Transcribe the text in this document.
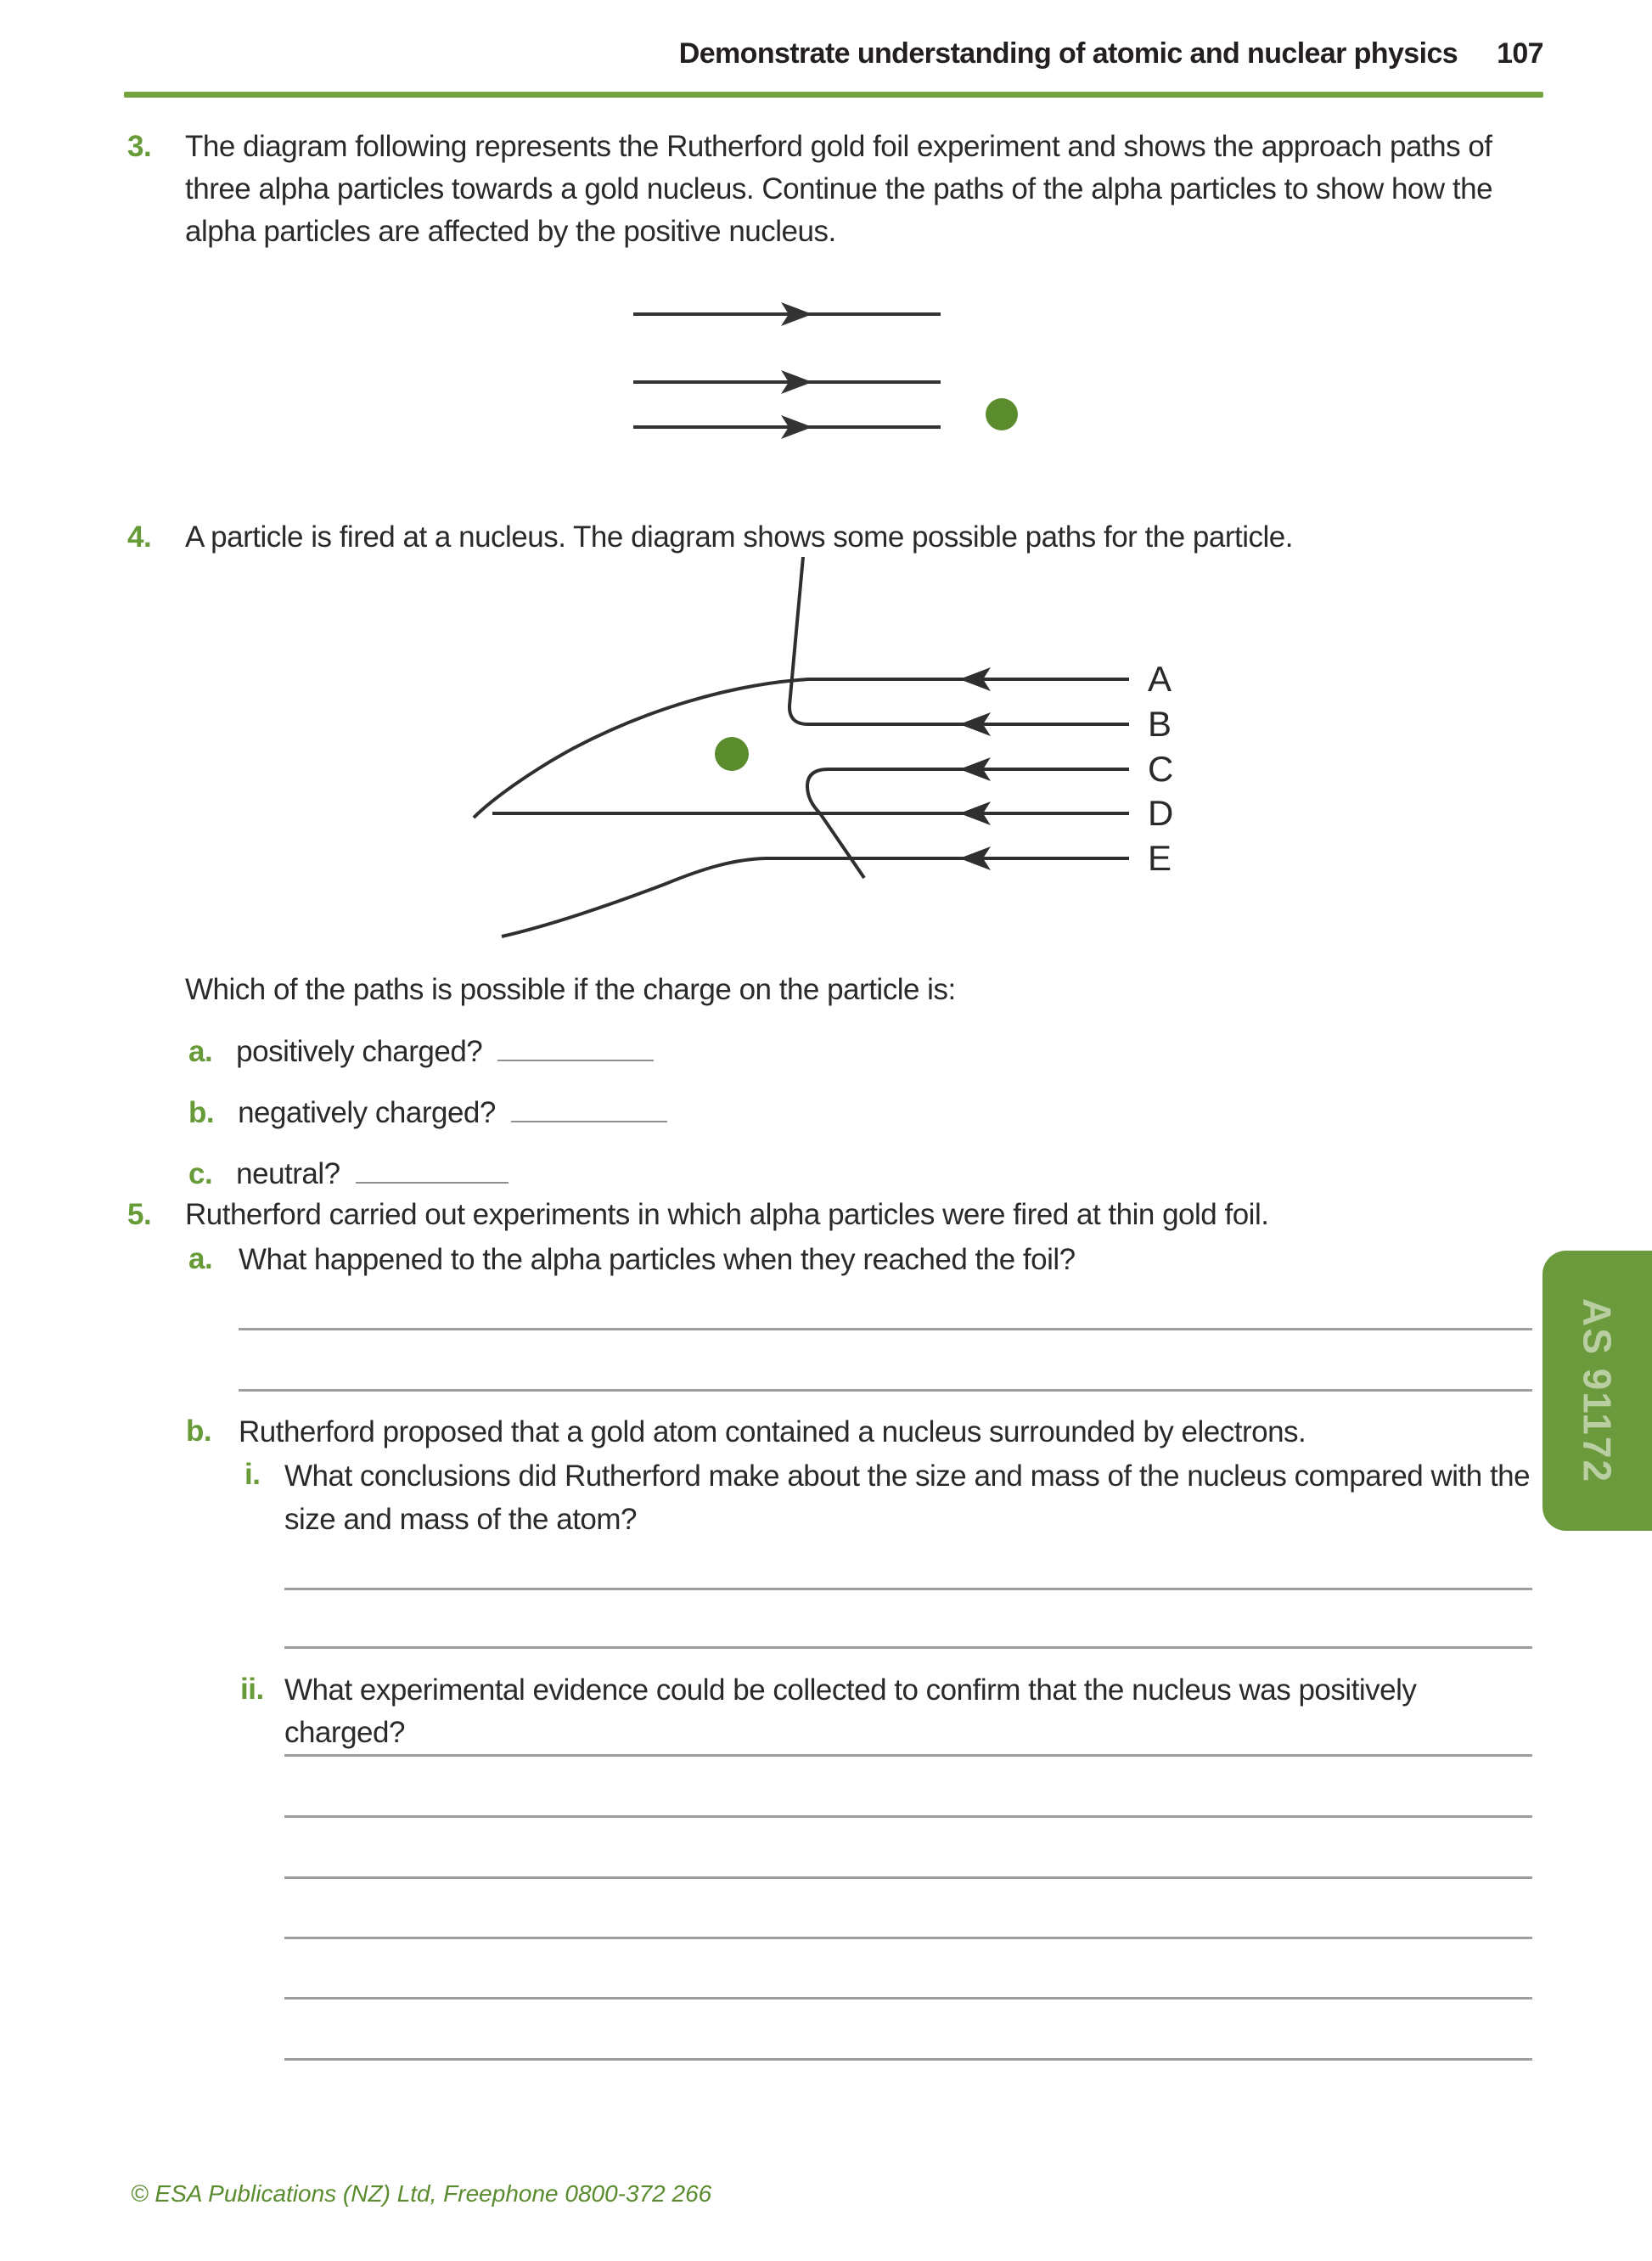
Demonstrate understanding of atomic and nuclear physics 107
3. The diagram following represents the Rutherford gold foil experiment and shows the approach paths of three alpha particles towards a gold nucleus. Continue the paths of the alpha particles to show how the alpha particles are affected by the positive nucleus.
4. A particle is fired at a nucleus. The diagram shows some possible paths for the particle.
A
B
C
D
E
Which of the paths is possible if the charge on the particle is:
a. positively charged?
b. negatively charged?
c. neutral?
5. Rutherford carried out experiments in which alpha particles were fired at thin gold foil.
a. What happened to the alpha particles when they reached the foil?
b. Rutherford proposed that a gold atom contained a nucleus surrounded by electrons.
i. What conclusions did Rutherford make about the size and mass of the nucleus compared with the size and mass of the atom?
ii. What experimental evidence could be collected to confirm that the nucleus was positively charged?
AS 91172
© ESA Publications (NZ) Ltd, Freephone 0800-372 266
